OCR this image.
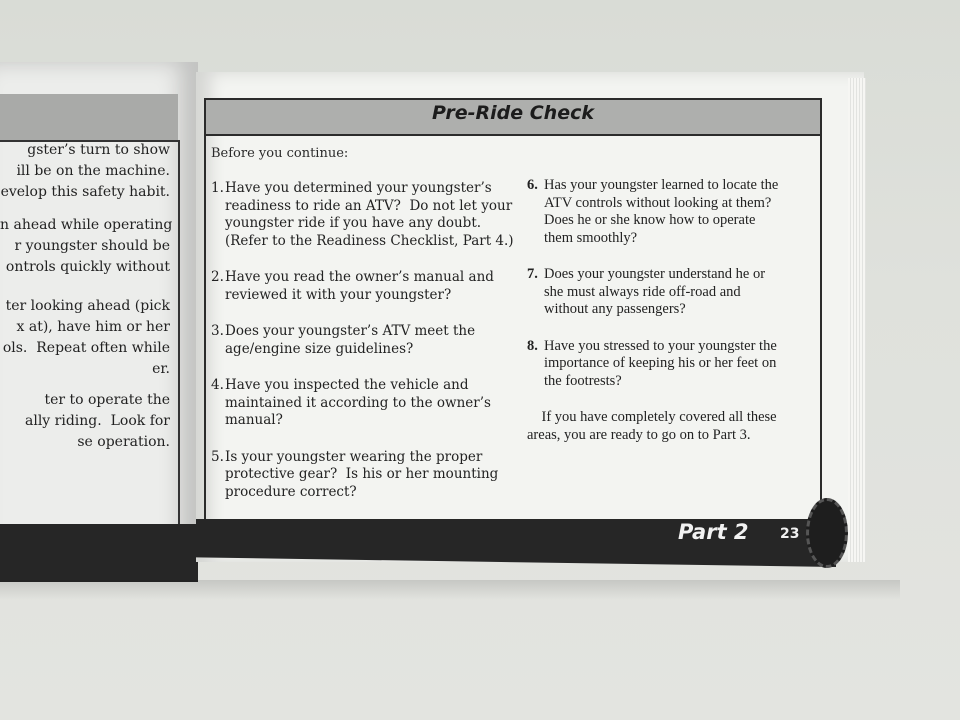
gster’s turn to show
ill be on the machine.
evelop this safety habit.

n ahead while operating
r youngster should be
ontrols quickly without

ter looking ahead (pick
x at), have him or her
ols.  Repeat often while
er.

ter to operate the
ally riding.  Look for
se operation.

Pre-Ride Check
Before you continue:
1. Have you determined your youngster’s
readiness to ride an ATV?  Do not let your
youngster ride if you have any doubt.
(Refer to the Readiness Checklist, Part 4.)
2. Have you read the owner’s manual and
reviewed it with your youngster?
3. Does your youngster’s ATV meet the
age/engine size guidelines?
4. Have you inspected the vehicle and
maintained it according to the owner’s
manual?
5. Is your youngster wearing the proper
protective gear?  Is his or her mounting
procedure correct?
6. Has your youngster learned to locate the
ATV controls without looking at them?
Does he or she know how to operate
them smoothly?
7. Does your youngster understand he or
she must always ride off-road and
without any passengers?
8. Have you stressed to your youngster the
importance of keeping his or her feet on
the footrests?
If you have completely covered all these
areas, you are ready to go on to Part 3.
Part 2 23
